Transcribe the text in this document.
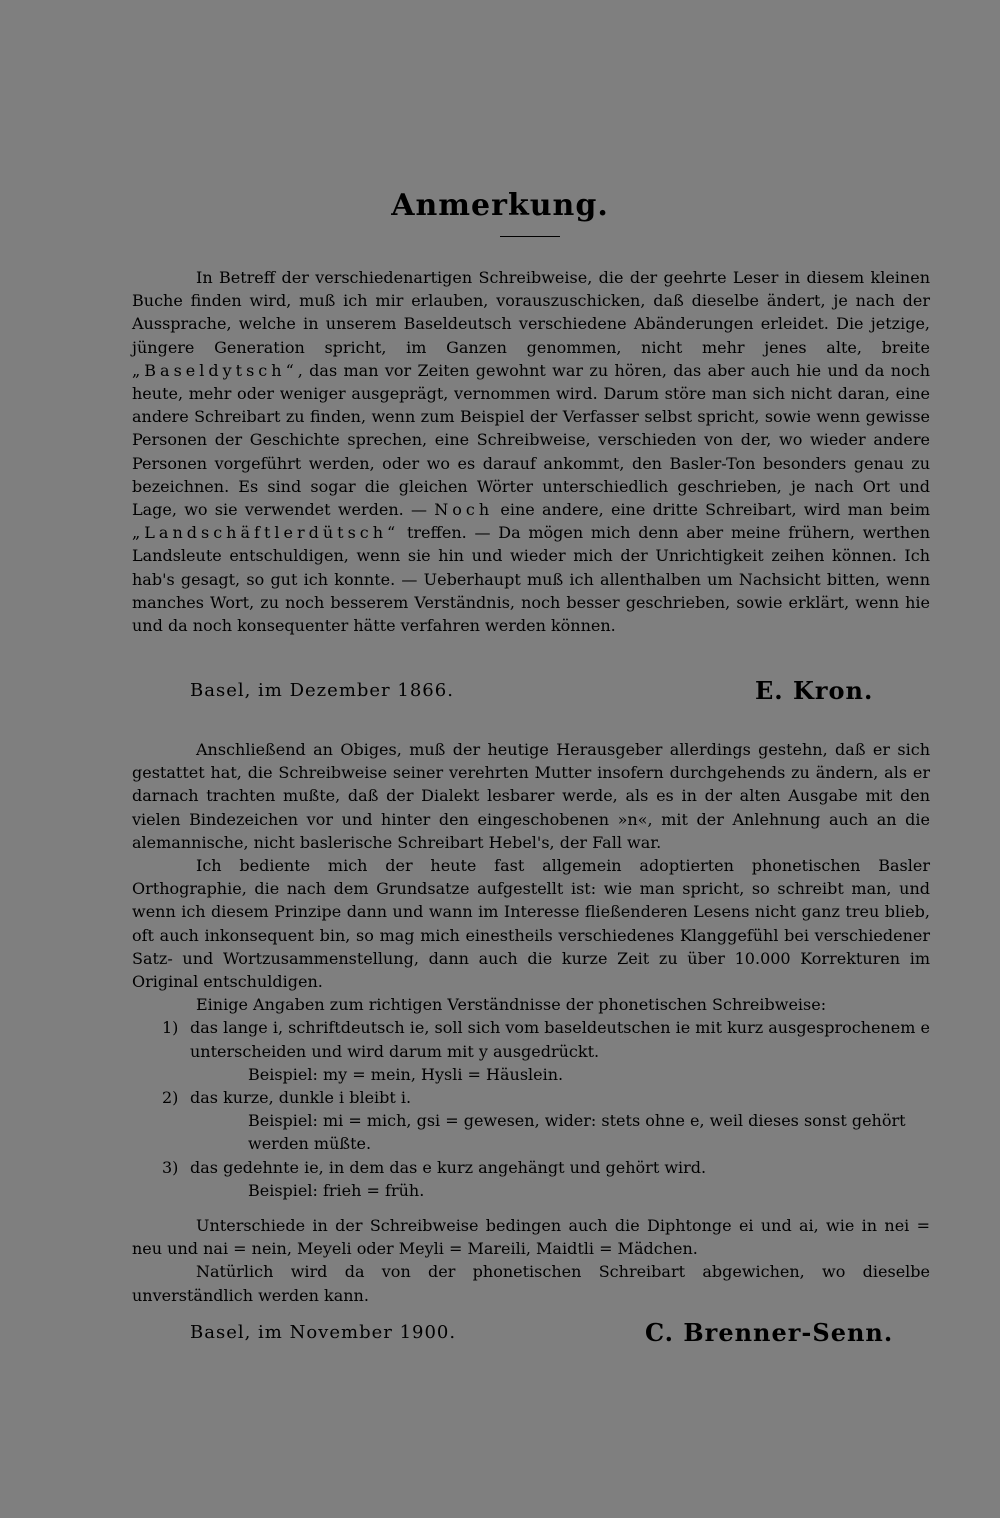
Anmerkung.

In Betreff der verschiedenartigen Schreibweise, die der geehrte Leser in diesem kleinen Buche finden wird, muß ich mir erlauben, vorauszuschicken, daß dieselbe ändert, je nach der Aussprache, welche in unserem Baseldeutsch verschiedene Abänderungen erleidet. Die jetzige, jüngere Generation spricht, im Ganzen genommen, nicht mehr jenes alte, breite „Baseldytsch“, das man vor Zeiten gewohnt war zu hören, das aber auch hie und da noch heute, mehr oder weniger ausgeprägt, vernommen wird. Darum störe man sich nicht daran, eine andere Schreibart zu finden, wenn zum Beispiel der Verfasser selbst spricht, sowie wenn gewisse Personen der Geschichte sprechen, eine Schreibweise, verschieden von der, wo wieder andere Personen vorgeführt werden, oder wo es darauf ankommt, den Basler-Ton besonders genau zu bezeichnen. Es sind sogar die gleichen Wörter unterschiedlich geschrieben, je nach Ort und Lage, wo sie verwendet werden. — Noch eine andere, eine dritte Schreibart, wird man beim „Landschäftlerdütsch“ treffen. — Da mögen mich denn aber meine frühern, werthen Landsleute entschuldigen, wenn sie hin und wieder mich der Unrichtigkeit zeihen können. Ich hab's gesagt, so gut ich konnte. — Ueberhaupt muß ich allenthalben um Nachsicht bitten, wenn manches Wort, zu noch besserem Verständnis, noch besser geschrieben, sowie erklärt, wenn hie und da noch konsequenter hätte verfahren werden können.

Basel, im Dezember 1866.	E. Kron.

Anschließend an Obiges, muß der heutige Herausgeber allerdings gestehn, daß er sich gestattet hat, die Schreibweise seiner verehrten Mutter insofern durchgehends zu ändern, als er darnach trachten mußte, daß der Dialekt lesbarer werde, als es in der alten Ausgabe mit den vielen Bindezeichen vor und hinter den eingeschobenen »n«, mit der Anlehnung auch an die alemannische, nicht baslerische Schreibart Hebel's, der Fall war.

Ich bediente mich der heute fast allgemein adoptierten phonetischen Basler Orthographie, die nach dem Grundsatze aufgestellt ist: wie man spricht, so schreibt man, und wenn ich diesem Prinzipe dann und wann im Interesse fließenderen Lesens nicht ganz treu blieb, oft auch inkonsequent bin, so mag mich einestheils verschiedenes Klanggefühl bei verschiedener Satz- und Wortzusammenstellung, dann auch die kurze Zeit zu über 10.000 Korrekturen im Original entschuldigen.

Einige Angaben zum richtigen Verständnisse der phonetischen Schreibweise:

1) das lange i, schriftdeutsch ie, soll sich vom baseldeutschen ie mit kurz ausgesprochenem e unterscheiden und wird darum mit y ausgedrückt.

Beispiel: my = mein, Hysli = Häuslein.

2) das kurze, dunkle i bleibt i.

Beispiel: mi = mich, gsi = gewesen, wider: stets ohne e, weil dieses sonst gehört werden müßte.

3) das gedehnte ie, in dem das e kurz angehängt und gehört wird.

Beispiel: frieh = früh.

Unterschiede in der Schreibweise bedingen auch die Diphtonge ei und ai, wie in nei = neu und nai = nein, Meyeli oder Meyli = Mareili, Maidtli = Mädchen.

Natürlich wird da von der phonetischen Schreibart abgewichen, wo dieselbe unverständlich werden kann.

Basel, im November 1900.	C. Brenner-Senn.
